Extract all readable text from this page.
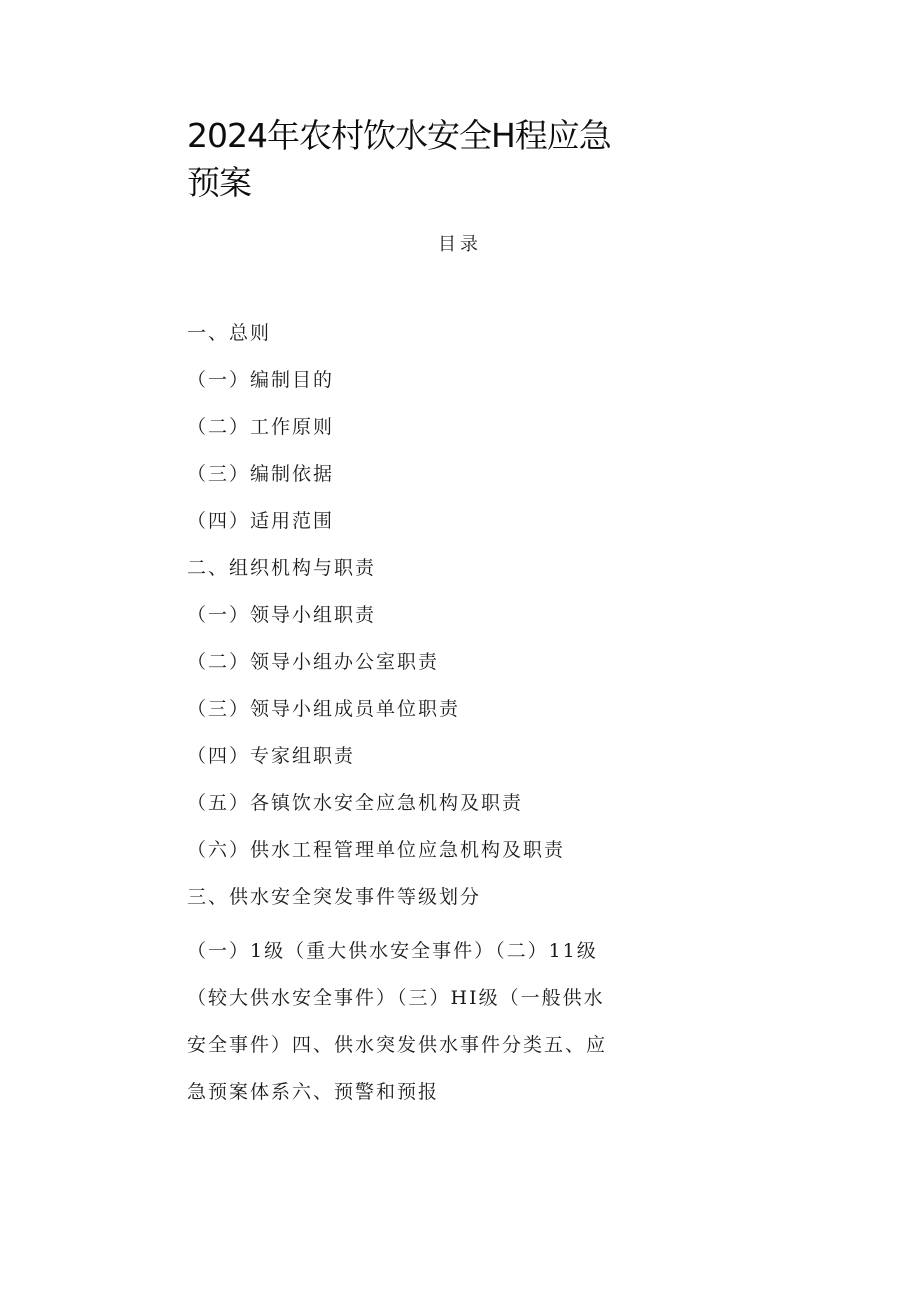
2024年农村饮水安全H程应急预案
目录
一、总则
（一）编制目的
（二）工作原则
（三）编制依据
（四）适用范围
二、组织机构与职责
（一）领导小组职责
（二）领导小组办公室职责
（三）领导小组成员单位职责
（四）专家组职责
（五）各镇饮水安全应急机构及职责
（六）供水工程管理单位应急机构及职责
三、供水安全突发事件等级划分

（一）1级（重大供水安全事件）（二）11级（较大供水安全事件）（三）HI级（一般供水安全事件）四、供水突发供水事件分类五、应急预案体系六、预警和预报
